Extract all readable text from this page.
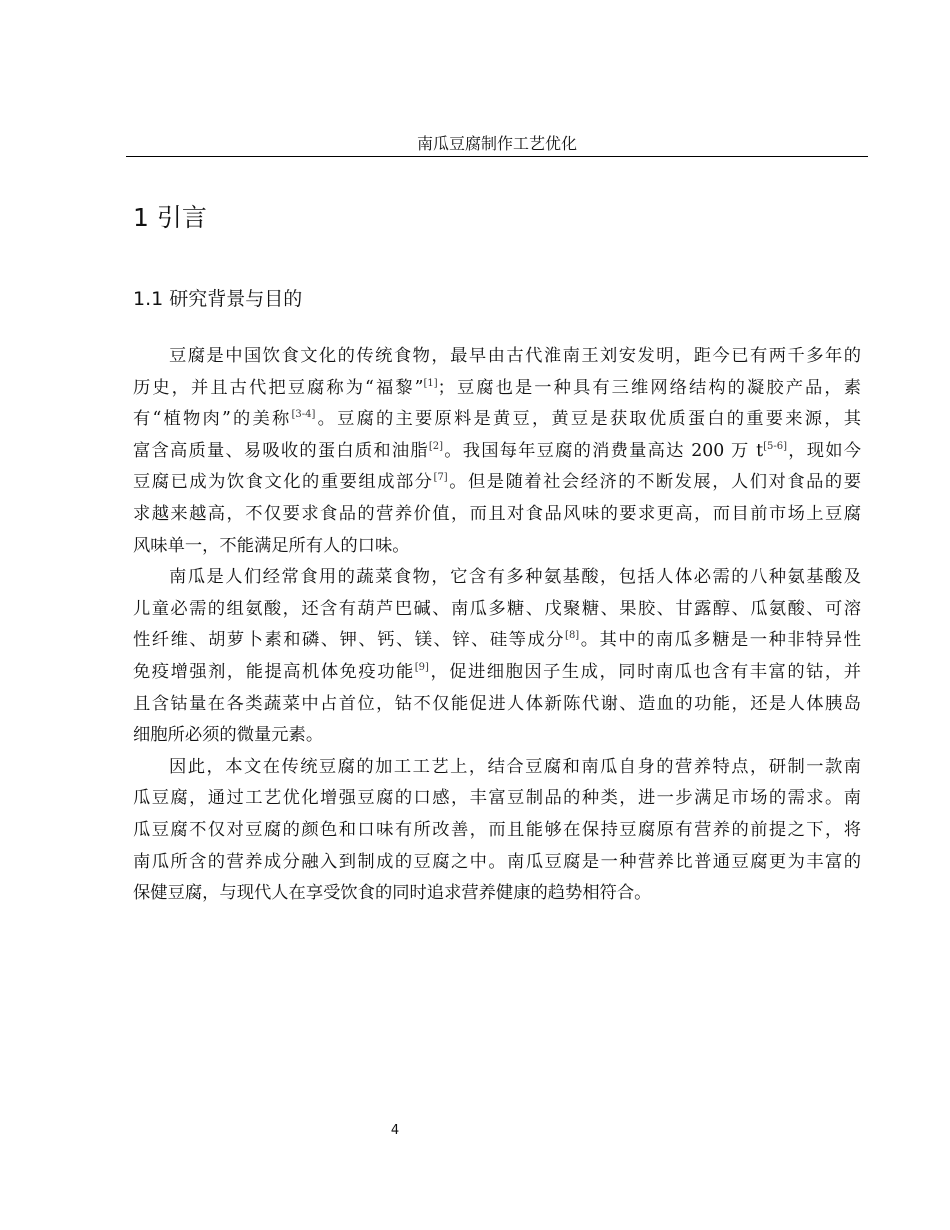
南瓜豆腐制作工艺优化
1 引言
1.1 研究背景与目的
豆腐是中国饮食文化的传统食物，最早由古代淮南王刘安发明，距今已有两千多年的
历史，并且古代把豆腐称为“福黎”[1]；豆腐也是一种具有三维网络结构的凝胶产品，素
有“植物肉”的美称[3-4]。豆腐的主要原料是黄豆，黄豆是获取优质蛋白的重要来源，其
富含高质量、易吸收的蛋白质和油脂[2]。我国每年豆腐的消费量高达 200 万 t[5-6]，现如今
豆腐已成为饮食文化的重要组成部分[7]。但是随着社会经济的不断发展，人们对食品的要
求越来越高，不仅要求食品的营养价值，而且对食品风味的要求更高，而目前市场上豆腐
风味单一，不能满足所有人的口味。
南瓜是人们经常食用的蔬菜食物，它含有多种氨基酸，包括人体必需的八种氨基酸及
儿童必需的组氨酸，还含有葫芦巴碱、南瓜多糖、戊聚糖、果胶、甘露醇、瓜氨酸、可溶
性纤维、胡萝卜素和磷、钾、钙、镁、锌、硅等成分[8]。其中的南瓜多糖是一种非特异性
免疫增强剂，能提高机体免疫功能[9]，促进细胞因子生成，同时南瓜也含有丰富的钴，并
且含钴量在各类蔬菜中占首位，钴不仅能促进人体新陈代谢、造血的功能，还是人体胰岛
细胞所必须的微量元素。
因此，本文在传统豆腐的加工工艺上，结合豆腐和南瓜自身的营养特点，研制一款南
瓜豆腐，通过工艺优化增强豆腐的口感，丰富豆制品的种类，进一步满足市场的需求。南
瓜豆腐不仅对豆腐的颜色和口味有所改善，而且能够在保持豆腐原有营养的前提之下，将
南瓜所含的营养成分融入到制成的豆腐之中。南瓜豆腐是一种营养比普通豆腐更为丰富的
保健豆腐，与现代人在享受饮食的同时追求营养健康的趋势相符合。
4
